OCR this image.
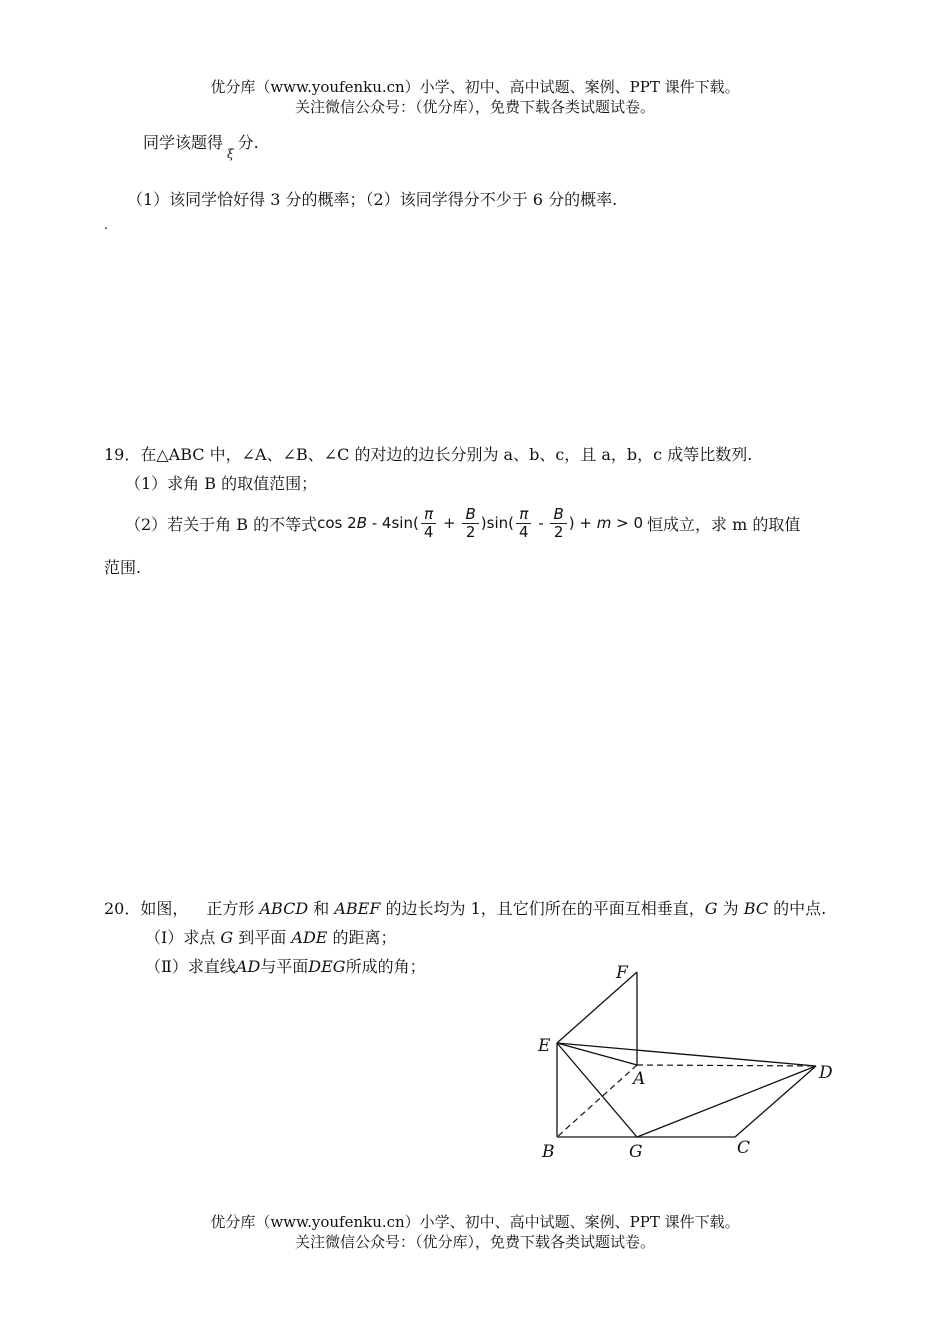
优分库（www.youfenku.cn）小学、初中、高中试题、案例、PPT 课件下载。
关注微信公众号：（优分库），免费下载各类试题试卷。
同学该题得$_\xi$分.
（1）该同学恰好得 3 分的概率；（2）该同学得分不少于 6 分的概率.
.
19．在△ABC 中，∠A、∠B、∠C 的对边的边长分别为 a、b、c，且 a，b，c 成等比数列.
（1）求角 B 的取值范围；
（2）若关于角 B 的不等式 cos 2 $B - 4\sin( \frac{\pi}{4} + \frac{B}{2} )\sin( \frac{\pi}{4} - \frac{B}{2}$ ) + m > 0 恒成立，求 m 的取值
范围.
20．如图， 正方形 ABCD 和 ABEF 的边长均为 1，且它们所在的平面互相垂直，G 为 BC 的中点.
（Ⅰ）求点 G 到平面 ADE 的距离；
（Ⅱ）求直线AD与平面DEG所成的角；	F
E
A	D
B	G	C
优分库（www.youfenku.cn）小学、初中、高中试题、案例、PPT 课件下载。
关注微信公众号：（优分库），免费下载各类试题试卷。
